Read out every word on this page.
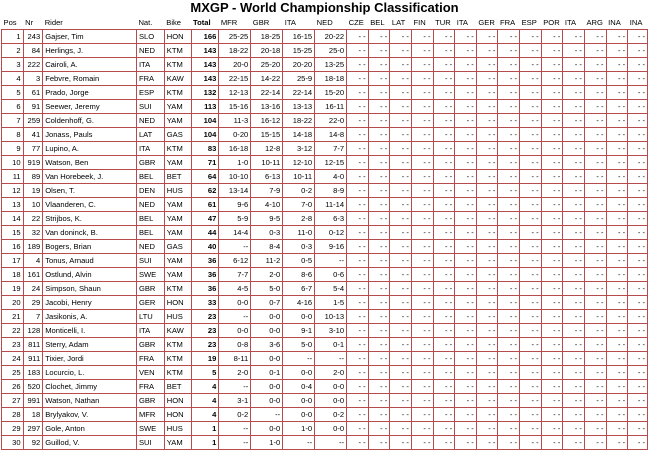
MXGP - World Championship Classification
Pos	Nr	Rider	Nat.	Bike	Total	MFR	GBR	ITA	NED	CZE	BEL	LAT	FIN	TUR	ITA	GER	FRA	ESP	POR	ITA	ARG	INA	INA
1	243	Gajser, Tim	SLO	HON	166	25-25	18-25	16-15	20-22	- -	- -	- -	- -	- -	- -	- -	- -	- -	- -	- -	- -	- -	- -
2	84	Herlings, J.	NED	KTM	143	18-22	20-18	15-25	25-0	- -	- -	- -	- -	- -	- -	- -	- -	- -	- -	- -	- -	- -	- -
3	222	Cairoli, A.	ITA	KTM	143	20-0	25-20	20-20	13-25	- -	- -	- -	- -	- -	- -	- -	- -	- -	- -	- -	- -	- -	- -
4	3	Febvre, Romain	FRA	KAW	143	22-15	14-22	25-9	18-18	- -	- -	- -	- -	- -	- -	- -	- -	- -	- -	- -	- -	- -	- -
5	61	Prado, Jorge	ESP	KTM	132	12-13	22-14	22-14	15-20	- -	- -	- -	- -	- -	- -	- -	- -	- -	- -	- -	- -	- -	- -
6	91	Seewer, Jeremy	SUI	YAM	113	15-16	13-16	13-13	16-11	- -	- -	- -	- -	- -	- -	- -	- -	- -	- -	- -	- -	- -	- -
7	259	Coldenhoff, G.	NED	YAM	104	11-3	16-12	18-22	22-0	- -	- -	- -	- -	- -	- -	- -	- -	- -	- -	- -	- -	- -	- -
8	41	Jonass, Pauls	LAT	GAS	104	0-20	15-15	14-18	14-8	- -	- -	- -	- -	- -	- -	- -	- -	- -	- -	- -	- -	- -	- -
9	77	Lupino, A.	ITA	KTM	83	16-18	12-8	3-12	7-7	- -	- -	- -	- -	- -	- -	- -	- -	- -	- -	- -	- -	- -	- -
10	919	Watson, Ben	GBR	YAM	71	1-0	10-11	12-10	12-15	- -	- -	- -	- -	- -	- -	- -	- -	- -	- -	- -	- -	- -	- -
11	89	Van Horebeek, J.	BEL	BET	64	10-10	6-13	10-11	4-0	- -	- -	- -	- -	- -	- -	- -	- -	- -	- -	- -	- -	- -	- -
12	19	Olsen, T.	DEN	HUS	62	13-14	7-9	0-2	8-9	- -	- -	- -	- -	- -	- -	- -	- -	- -	- -	- -	- -	- -	- -
13	10	Vlaanderen, C.	NED	YAM	61	9-6	4-10	7-0	11-14	- -	- -	- -	- -	- -	- -	- -	- -	- -	- -	- -	- -	- -	- -
14	22	Strijbos, K.	BEL	YAM	47	5-9	9-5	2-8	6-3	- -	- -	- -	- -	- -	- -	- -	- -	- -	- -	- -	- -	- -	- -
15	32	Van doninck, B.	BEL	YAM	44	14-4	0-3	11-0	0-12	- -	- -	- -	- -	- -	- -	- -	- -	- -	- -	- -	- -	- -	- -
16	189	Bogers, Brian	NED	GAS	40	--	8-4	0-3	9-16	- -	- -	- -	- -	- -	- -	- -	- -	- -	- -	- -	- -	- -	- -
17	4	Tonus, Arnaud	SUI	YAM	36	6-12	11-2	0-5	--	- -	- -	- -	- -	- -	- -	- -	- -	- -	- -	- -	- -	- -	- -
18	161	Ostlund, Alvin	SWE	YAM	36	7-7	2-0	8-6	0-6	- -	- -	- -	- -	- -	- -	- -	- -	- -	- -	- -	- -	- -	- -
19	24	Simpson, Shaun	GBR	KTM	36	4-5	5-0	6-7	5-4	- -	- -	- -	- -	- -	- -	- -	- -	- -	- -	- -	- -	- -	- -
20	29	Jacobi, Henry	GER	HON	33	0-0	0-7	4-16	1-5	- -	- -	- -	- -	- -	- -	- -	- -	- -	- -	- -	- -	- -	- -
21	7	Jasikonis, A.	LTU	HUS	23	--	0-0	0-0	10-13	- -	- -	- -	- -	- -	- -	- -	- -	- -	- -	- -	- -	- -	- -
22	128	Monticelli, I.	ITA	KAW	23	0-0	0-0	9-1	3-10	- -	- -	- -	- -	- -	- -	- -	- -	- -	- -	- -	- -	- -	- -
23	811	Sterry, Adam	GBR	KTM	23	0-8	3-6	5-0	0-1	- -	- -	- -	- -	- -	- -	- -	- -	- -	- -	- -	- -	- -	- -
24	911	Tixier, Jordi	FRA	KTM	19	8-11	0-0	--	--	- -	- -	- -	- -	- -	- -	- -	- -	- -	- -	- -	- -	- -	- -
25	183	Locurcio, L.	VEN	KTM	5	2-0	0-1	0-0	2-0	- -	- -	- -	- -	- -	- -	- -	- -	- -	- -	- -	- -	- -	- -
26	520	Clochet, Jimmy	FRA	BET	4	--	0-0	0-4	0-0	- -	- -	- -	- -	- -	- -	- -	- -	- -	- -	- -	- -	- -	- -
27	991	Watson, Nathan	GBR	HON	4	3-1	0-0	0-0	0-0	- -	- -	- -	- -	- -	- -	- -	- -	- -	- -	- -	- -	- -	- -
28	18	Brylyakov, V.	MFR	HON	4	0-2	--	0-0	0-2	- -	- -	- -	- -	- -	- -	- -	- -	- -	- -	- -	- -	- -	- -
29	297	Gole, Anton	SWE	HUS	1	--	0-0	1-0	0-0	- -	- -	- -	- -	- -	- -	- -	- -	- -	- -	- -	- -	- -	- -
30	92	Guillod, V.	SUI	YAM	1	--	1-0	--	--	- -	- -	- -	- -	- -	- -	- -	- -	- -	- -	- -	- -	- -	- -
